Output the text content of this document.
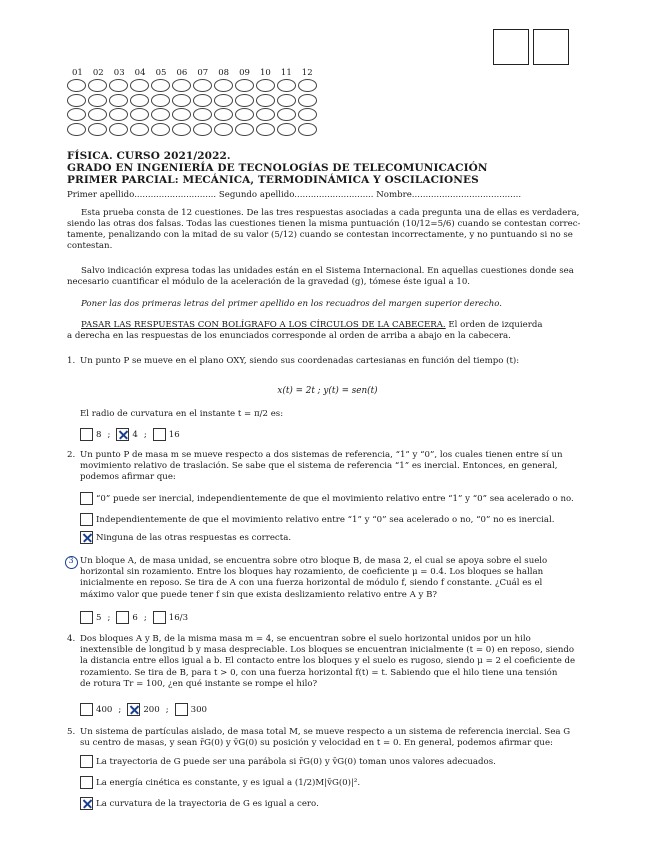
01	02	03	04	05	06	07	08	09	10	11	12
FÍSICA. CURSO 2021/2022.
GRADO EN INGENIERÍA DE TECNOLOGÍAS DE TELECOMUNICACIÓN
PRIMER PARCIAL: MECÁNICA, TERMODINÁMICA Y OSCILACIONES
Primer apellido.............................. Segundo apellido............................. Nombre........................................
Esta prueba consta de 12 cuestiones. De las tres respuestas asociadas a cada pregunta una de ellas es verdadera,
siendo las otras dos falsas. Todas las cuestiones tienen la misma puntuación (10/12=5/6) cuando se contestan correc-
tamente, penalizando con la mitad de su valor (5/12) cuando se contestan incorrectamente, y no puntuando si no se
contestan.
Salvo indicación expresa todas las unidades están en el Sistema Internacional. En aquellas cuestiones donde sea
necesario cuantificar el módulo de la aceleración de la gravedad (g), tómese éste igual a 10.
Poner las dos primeras letras del primer apellido en los recuadros del margen superior derecho.
PASAR LAS RESPUESTAS CON BOLÍGRAFO A LOS CÍRCULOS DE LA CABECERA. El orden de izquierda
a derecha en las respuestas de los enunciados corresponde al orden de arriba a abajo en la cabecera.
1. Un punto P se mueve en el plano OXY, siendo sus coordenadas cartesianas en función del tiempo (t):
x(t) = 2t ; y(t) = sen(t)
El radio de curvatura en el instante t = π/2 es:
8 ;	4 ;	16
2. Un punto P de masa m se mueve respecto a dos sistemas de referencia, “1” y “0”, los cuales tienen entre sí un
movimiento relativo de traslación. Se sabe que el sistema de referencia “1” es inercial. Entonces, en general,
podemos afirmar que:
“0” puede ser inercial, independientemente de que el movimiento relativo entre “1” y “0” sea acelerado o no.
Independientemente de que el movimiento relativo entre “1” y “0” sea acelerado o no, “0” no es inercial.
Ninguna de las otras respuestas es correcta.
3 Un bloque A, de masa unidad, se encuentra sobre otro bloque B, de masa 2, el cual se apoya sobre el suelo
horizontal sin rozamiento. Entre los bloques hay rozamiento, de coeficiente μ = 0.4. Los bloques se hallan
inicialmente en reposo. Se tira de A con una fuerza horizontal de módulo f, siendo f constante. ¿Cuál es el
máximo valor que puede tener f sin que exista deslizamiento relativo entre A y B?
5 ;	6 ;	16/3
4. Dos bloques A y B, de la misma masa m = 4, se encuentran sobre el suelo horizontal unidos por un hilo
inextensible de longitud b y masa despreciable. Los bloques se encuentran inicialmente (t = 0) en reposo, siendo
la distancia entre ellos igual a b. El contacto entre los bloques y el suelo es rugoso, siendo μ = 2 el coeficiente de
rozamiento. Se tira de B, para t > 0, con una fuerza horizontal f(t) = t. Sabiendo que el hilo tiene una tensión
de rotura Tr = 100, ¿en qué instante se rompe el hilo?
400 ;	200 ;	300
5. Un sistema de partículas aislado, de masa total M, se mueve respecto a un sistema de referencia inercial. Sea G
su centro de masas, y sean r̄G(0) y v̄G(0) su posición y velocidad en t = 0. En general, podemos afirmar que:
La trayectoria de G puede ser una parábola si r̄G(0) y v̄G(0) toman unos valores adecuados.
La energía cinética es constante, y es igual a (1/2)M|v̄G(0)|².
La curvatura de la trayectoria de G es igual a cero.
